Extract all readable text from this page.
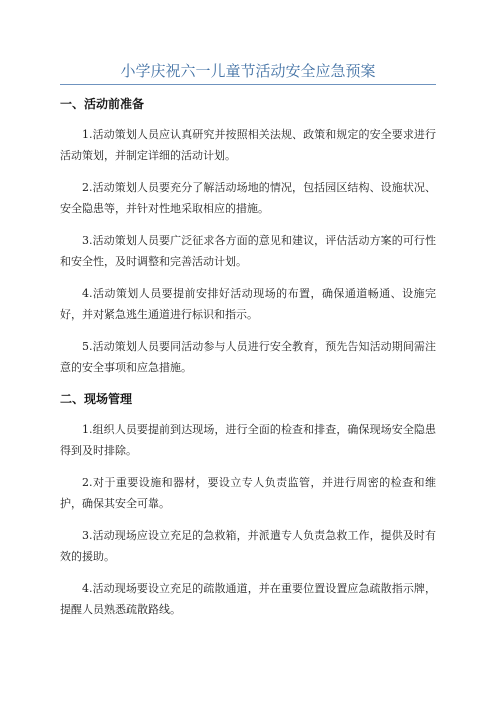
小学庆祝六一儿童节活动安全应急预案
一、活动前准备

1.活动策划人员应认真研究并按照相关法规、政策和规定的安全要求进行活动策划，并制定详细的活动计划。

2.活动策划人员要充分了解活动场地的情况，包括园区结构、设施状况、安全隐患等，并针对性地采取相应的措施。

3.活动策划人员要广泛征求各方面的意见和建议，评估活动方案的可行性和安全性，及时调整和完善活动计划。

4.活动策划人员要提前安排好活动现场的布置，确保通道畅通、设施完好，并对紧急逃生通道进行标识和指示。

5.活动策划人员要同活动参与人员进行安全教育，预先告知活动期间需注意的安全事项和应急措施。

二、现场管理

1.组织人员要提前到达现场，进行全面的检查和排查，确保现场安全隐患得到及时排除。

2.对于重要设施和器材，要设立专人负责监管，并进行周密的检查和维护，确保其安全可靠。

3.活动现场应设立充足的急救箱，并派遣专人负责急救工作，提供及时有效的援助。

4.活动现场要设立充足的疏散通道，并在重要位置设置应急疏散指示牌，提醒人员熟悉疏散路线。
